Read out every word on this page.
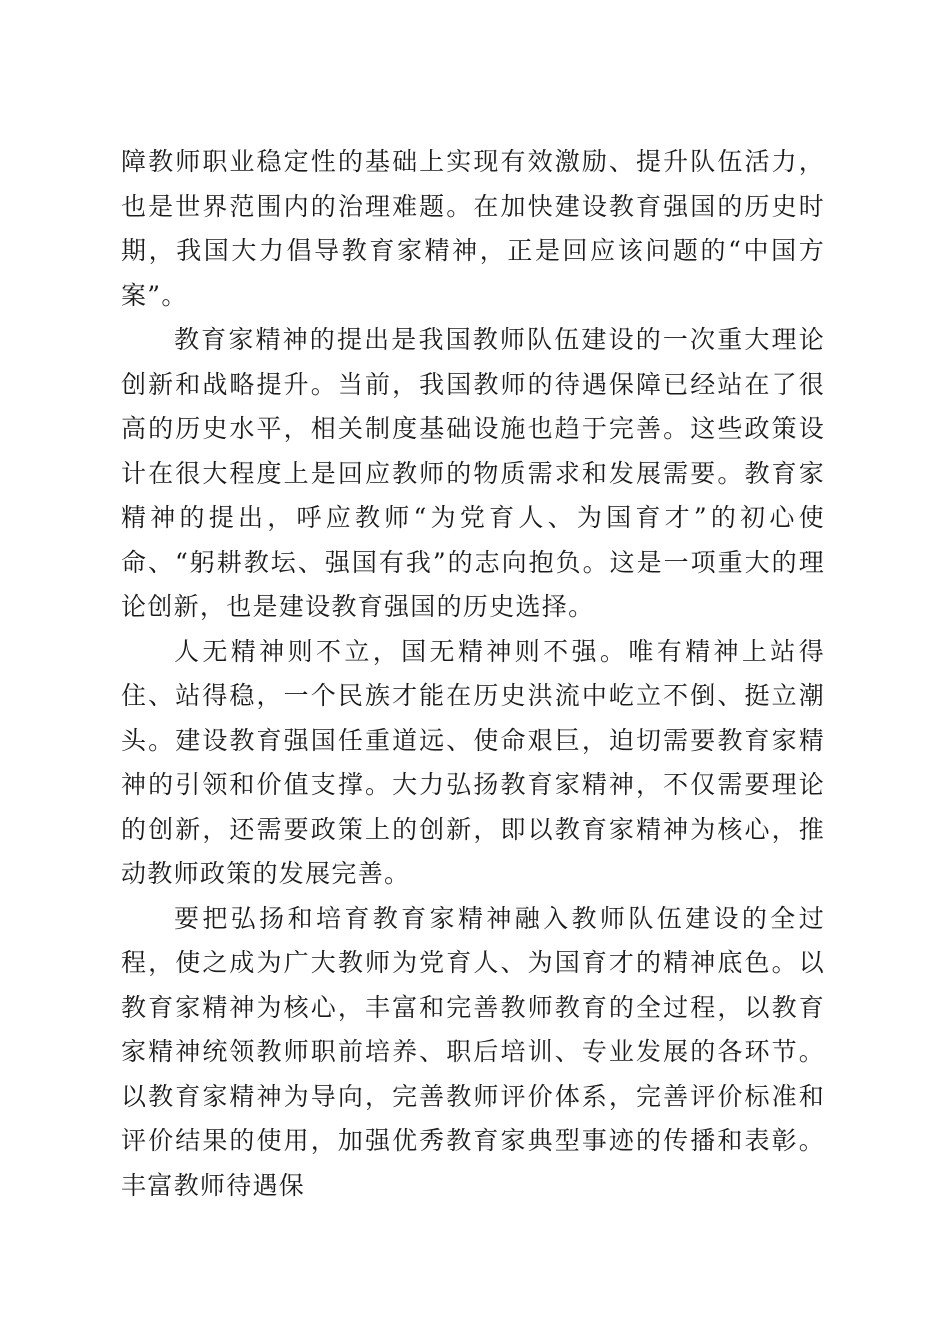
障教师职业稳定性的基础上实现有效激励、提升队伍活力，也是世界范围内的治理难题。在加快建设教育强国的历史时期，我国大力倡导教育家精神，正是回应该问题的“中国方案”。

教育家精神的提出是我国教师队伍建设的一次重大理论创新和战略提升。当前，我国教师的待遇保障已经站在了很高的历史水平，相关制度基础设施也趋于完善。这些政策设计在很大程度上是回应教师的物质需求和发展需要。教育家精神的提出，呼应教师“为党育人、为国育才”的初心使命、“躬耕教坛、强国有我”的志向抱负。这是一项重大的理论创新，也是建设教育强国的历史选择。

人无精神则不立，国无精神则不强。唯有精神上站得住、站得稳，一个民族才能在历史洪流中屹立不倒、挺立潮头。建设教育强国任重道远、使命艰巨，迫切需要教育家精神的引领和价值支撑。大力弘扬教育家精神，不仅需要理论的创新，还需要政策上的创新，即以教育家精神为核心，推动教师政策的发展完善。

要把弘扬和培育教育家精神融入教师队伍建设的全过程，使之成为广大教师为党育人、为国育才的精神底色。以教育家精神为核心，丰富和完善教师教育的全过程，以教育家精神统领教师职前培养、职后培训、专业发展的各环节。以教育家精神为导向，完善教师评价体系，完善评价标准和评价结果的使用，加强优秀教育家典型事迹的传播和表彰。丰富教师待遇保
